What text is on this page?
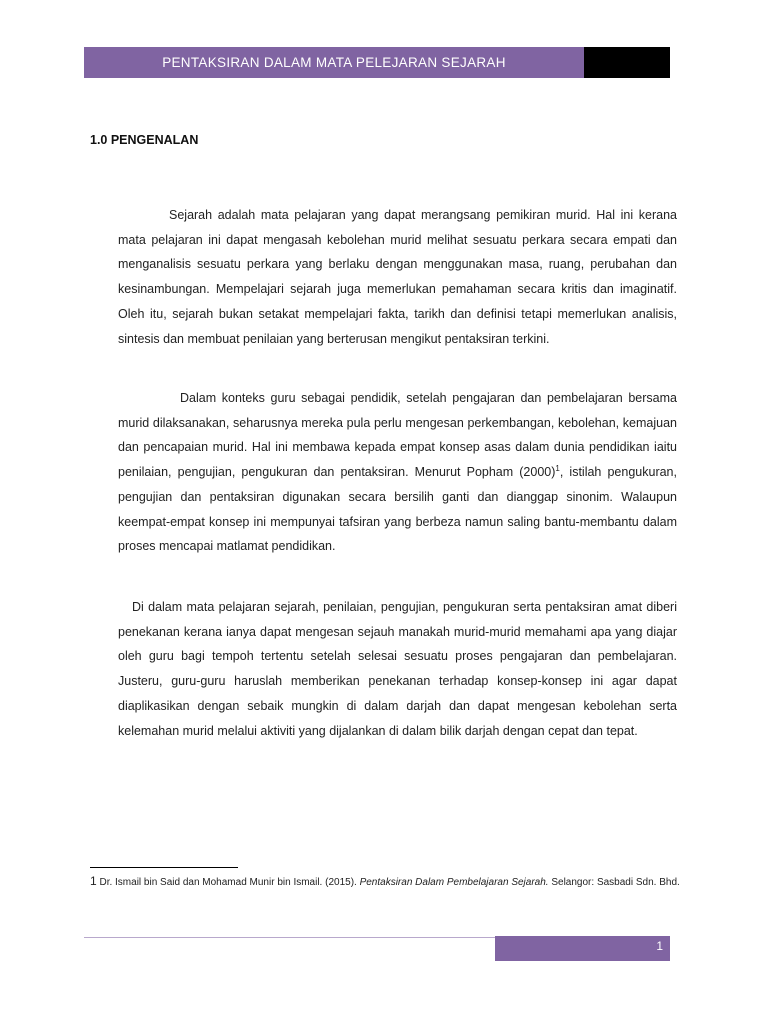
PENTAKSIRAN DALAM MATA PELEJARAN SEJARAH
1.0 PENGENALAN

Sejarah adalah mata pelajaran yang dapat merangsang pemikiran murid. Hal ini kerana mata pelajaran ini dapat mengasah kebolehan murid melihat sesuatu perkara secara empati dan menganalisis sesuatu perkara yang berlaku dengan menggunakan masa, ruang, perubahan dan kesinambungan. Mempelajari sejarah juga memerlukan pemahaman secara kritis dan imaginatif. Oleh itu, sejarah bukan setakat mempelajari fakta, tarikh dan definisi tetapi memerlukan analisis, sintesis dan membuat penilaian yang berterusan mengikut pentaksiran terkini.

Dalam konteks guru sebagai pendidik, setelah pengajaran dan pembelajaran bersama murid dilaksanakan, seharusnya mereka pula perlu mengesan perkembangan, kebolehan, kemajuan dan pencapaian murid. Hal ini membawa kepada empat konsep asas dalam dunia pendidikan iaitu penilaian, pengujian, pengukuran dan pentaksiran. Menurut Popham (2000)$^1$, istilah pengukuran, pengujian dan pentaksiran digunakan secara bersilih ganti dan dianggap sinonim. Walaupun keempat-empat konsep ini mempunyai tafsiran yang berbeza namun saling bantu-membantu dalam proses mencapai matlamat pendidikan.

Di dalam mata pelajaran sejarah, penilaian, pengujian, pengukuran serta pentaksiran amat diberi penekanan kerana ianya dapat mengesan sejauh manakah murid-murid memahami apa yang diajar oleh guru bagi tempoh tertentu setelah selesai sesuatu proses pengajaran dan pembelajaran. Justeru, guru-guru haruslah memberikan penekanan terhadap konsep-konsep ini agar dapat diaplikasikan dengan sebaik mungkin di dalam darjah dan dapat mengesan kebolehan serta kelemahan murid melalui aktiviti yang dijalankan di dalam bilik darjah dengan cepat dan tepat.

1 Dr. Ismail bin Said dan Mohamad Munir bin Ismail. (2015). Pentaksiran Dalam Pembelajaran Sejarah. Selangor: Sasbadi Sdn. Bhd.

1
